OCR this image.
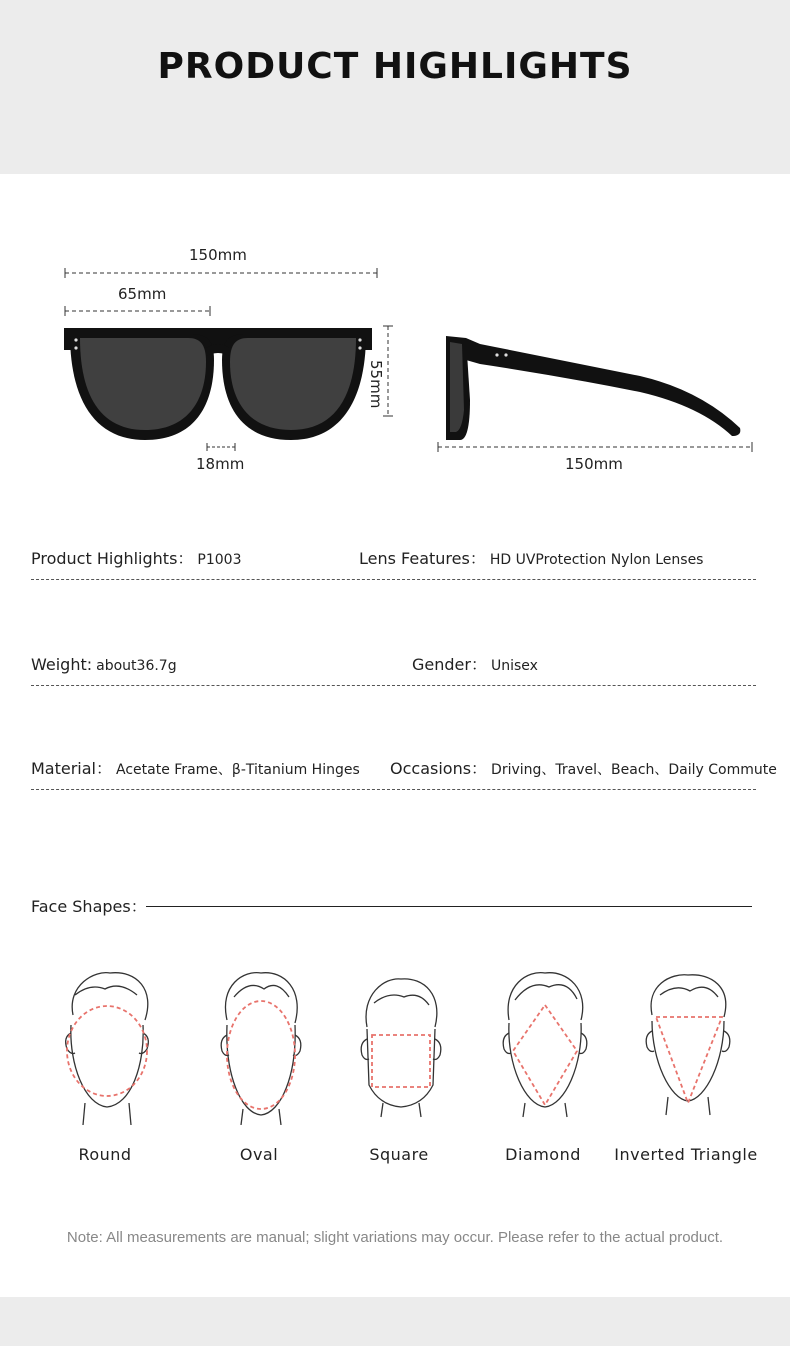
PRODUCT HIGHLIGHTS
150mm
65mm
55mm
18mm	150mm
Product Highlights： P1003	Lens Features： HD UVProtection Nylon Lenses
Weight: about36.7g	Gender： Unisex
Material： Acetate Frame、β-Titanium Hinges Occasions： Driving、Travel、Beach、Daily Commute
Face Shapes：
Round	Oval	Square	Diamond	Inverted Triangle
Note: All measurements are manual; slight variations may occur. Please refer to the actual product.
